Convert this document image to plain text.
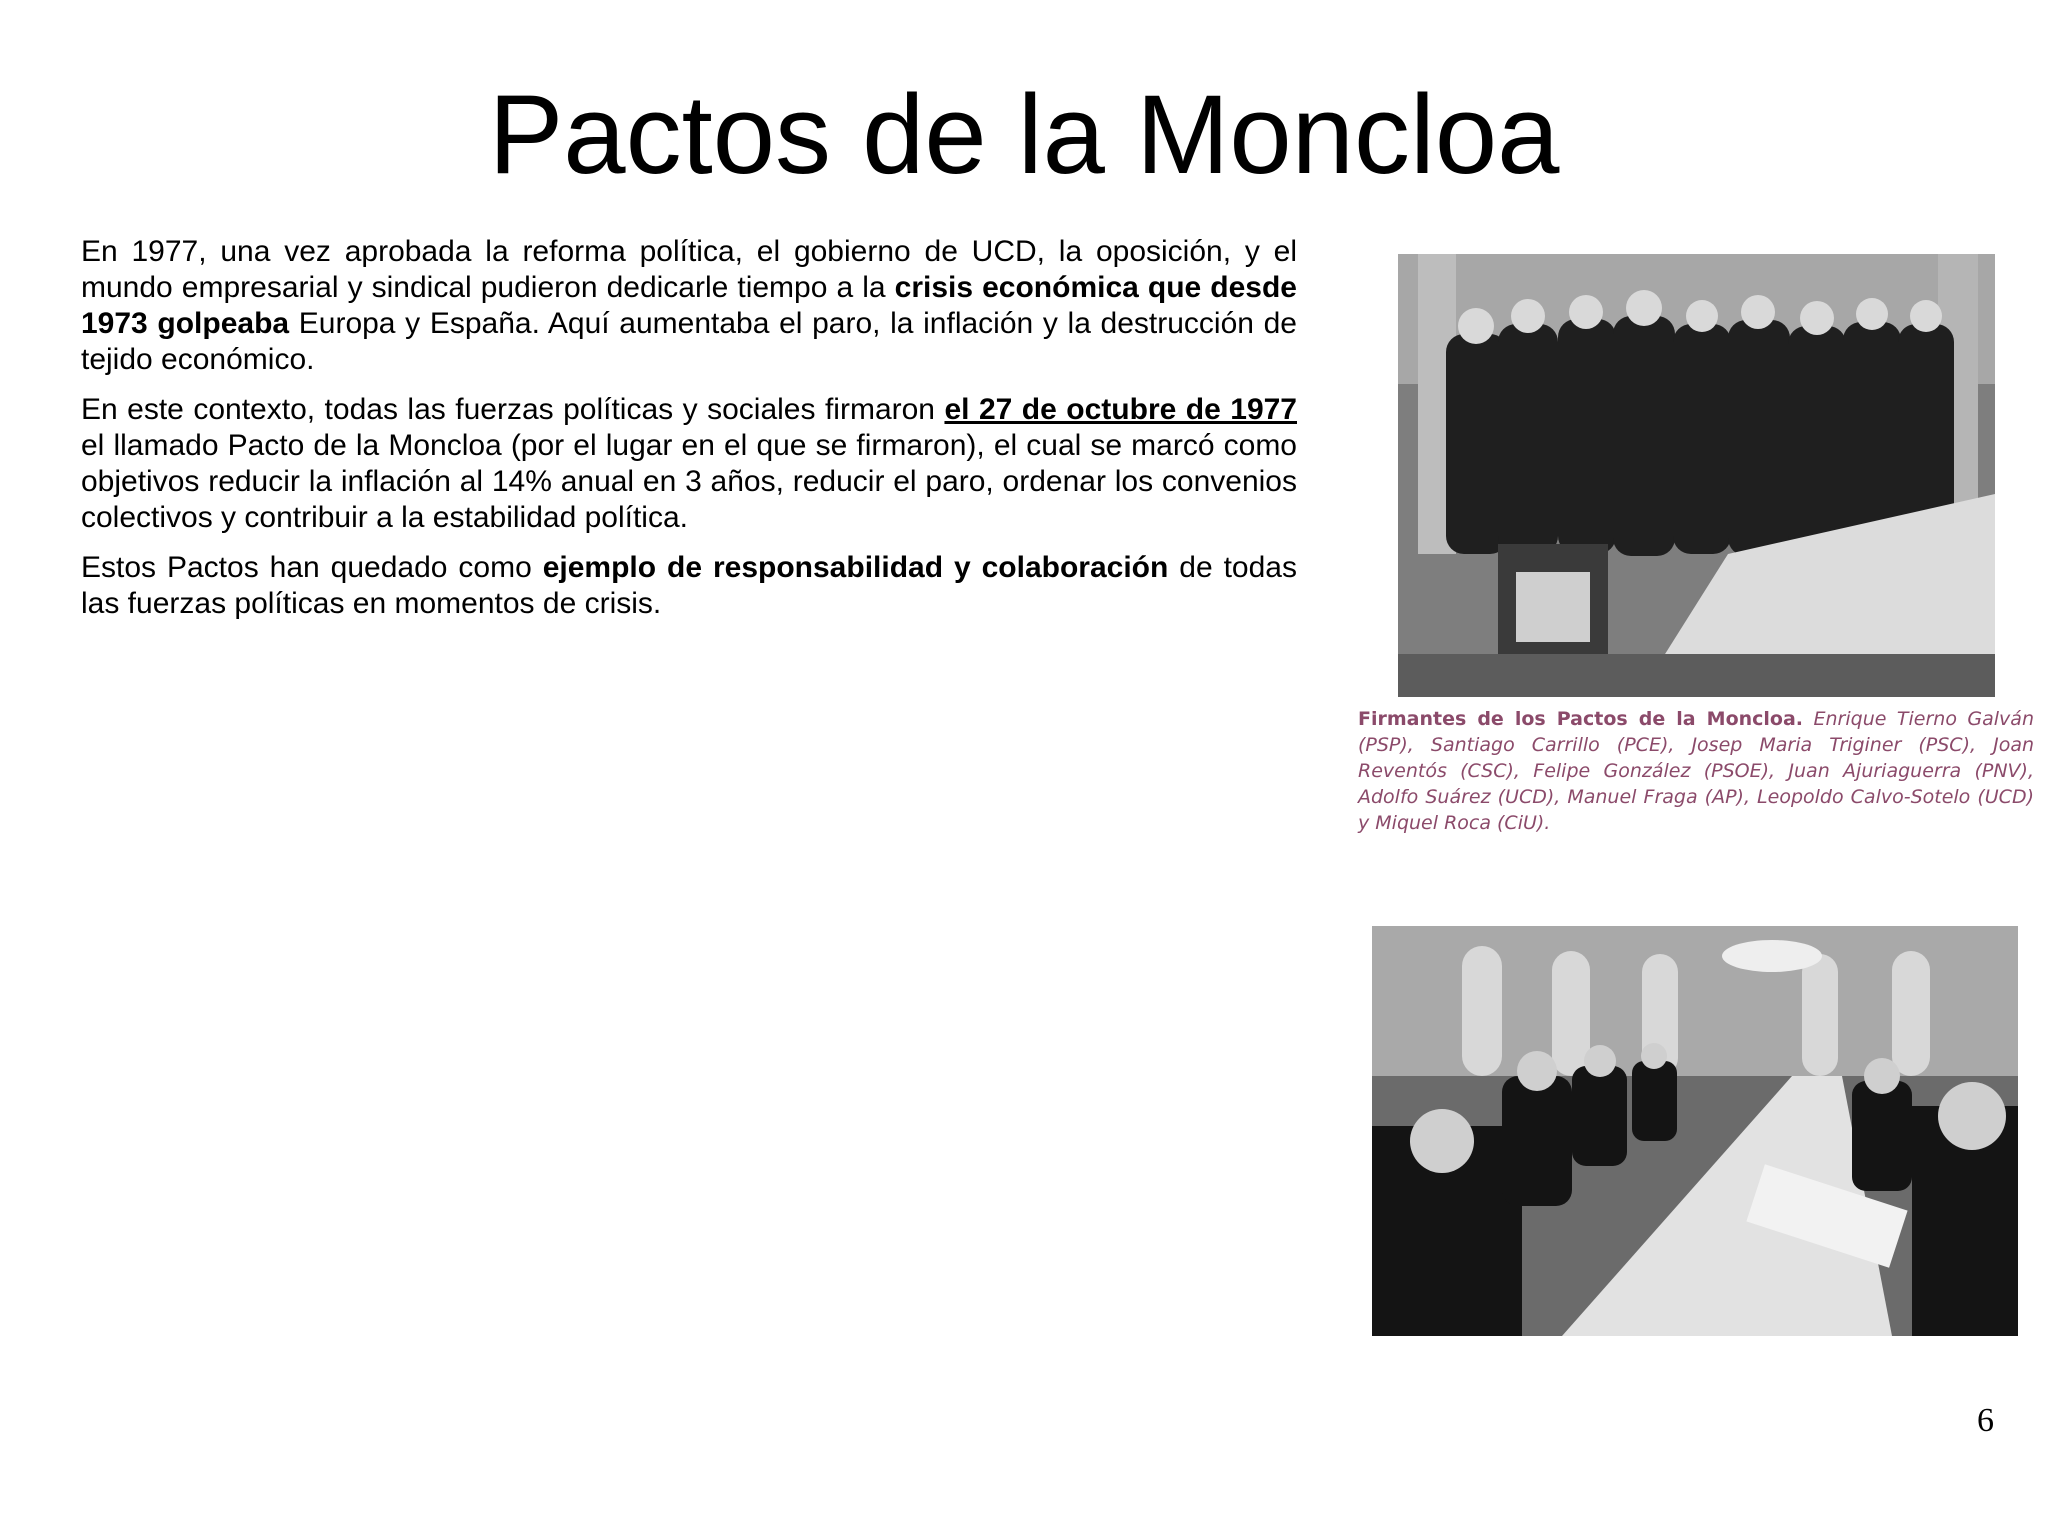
Pactos de la Moncloa

En 1977, una vez aprobada la reforma política, el gobierno de UCD, la oposición, y el mundo empresarial y sindical pudieron dedicarle tiempo a la crisis económica que desde 1973 golpeaba Europa y España. Aquí aumentaba el paro, la inflación y la destrucción de tejido económico.

En este contexto, todas las fuerzas políticas y sociales firmaron el 27 de octubre de 1977 el llamado Pacto de la Moncloa (por el lugar en el que se firmaron), el cual se marcó como objetivos reducir la inflación al 14% anual en 3 años, reducir el paro, ordenar los convenios colectivos y contribuir a la estabilidad política.

Estos Pactos han quedado como ejemplo de responsabilidad y colaboración de todas las fuerzas políticas en momentos de crisis.

Firmantes de los Pactos de la Moncloa. Enrique Tierno Galván (PSP), Santiago Carrillo (PCE), Josep Maria Triginer (PSC), Joan Reventós (CSC), Felipe González (PSOE), Juan Ajuriaguerra (PNV), Adolfo Suárez (UCD), Manuel Fraga (AP), Leopoldo Calvo-Sotelo (UCD) y Miquel Roca (CiU).
6
